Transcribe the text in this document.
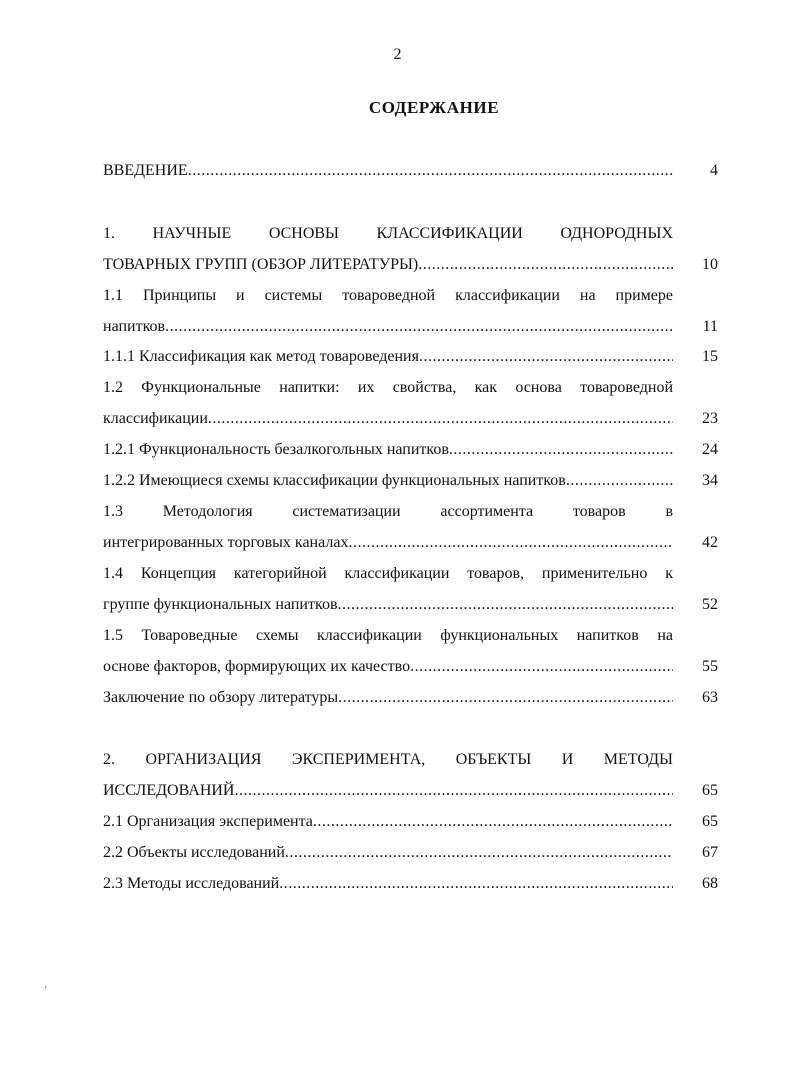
2
СОДЕРЖАНИЕ
ВВЕДЕНИЕ .....	4
1. НАУЧНЫЕ ОСНОВЫ КЛАССИФИКАЦИИ ОДНОРОДНЫХ
ТОВАРНЫХ ГРУПП (ОБЗОР ЛИТЕРАТУРЫ) .....	10
1.1 Принципы и системы товароведной классификации на примере
напитков .....	11
1.1.1 Классификация как метод товароведения .....	15
1.2 Функциональные напитки: их свойства, как основа товароведной
классификации .....	23
1.2.1 Функциональность безалкогольных напитков .....	24
1.2.2 Имеющиеся схемы классификации функциональных напитков .....	34
1.3 Методология систематизации ассортимента товаров в
интегрированных торговых каналах .....	42
1.4 Концепция категорийной классификации товаров, применительно к
группе функциональных напитков .....	52
1.5 Товароведные схемы классификации функциональных напитков на
основе факторов, формирующих их качество .....	55
Заключение по обзору литературы .....	63
2. ОРГАНИЗАЦИЯ ЭКСПЕРИМЕНТА, ОБЪЕКТЫ И МЕТОДЫ
ИССЛЕДОВАНИЙ .....	65
2.1 Организация эксперимента .....	65
2.2 Объекты исследований .....	67
2.3 Методы исследований .....	68
’
